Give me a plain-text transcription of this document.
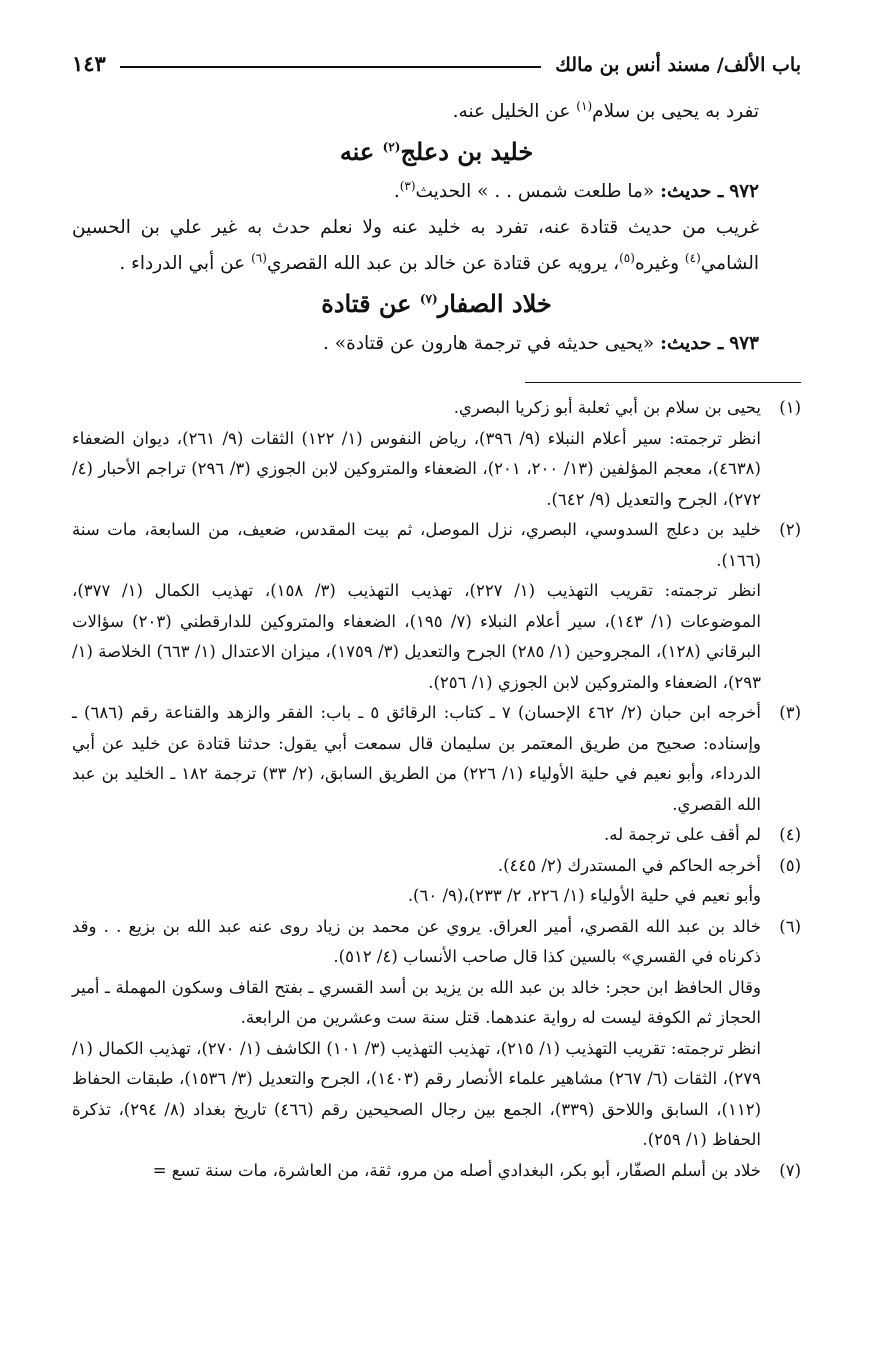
باب الألف/ مسند أنس بن مالك
١٤٣

تفرد به يحيى بن سلام$^{(١)}$ عن الخليل عنه.

خليد بن دعلج$^{(٢)}$ عنه

٩٧٢ ـ حديث: «ما طلعت شمس . . » الحديث$^{(٣)}$.

غريب من حديث قتادة عنه، تفرد به خليد عنه ولا نعلم حدث به غير علي بن الحسين الشامي$^{(٤)}$ وغيره$^{(٥)}$، يرويه عن قتادة عن خالد بن عبد الله القصري$^{(٦)}$ عن أبي الدرداء .

خلاد الصفار$^{(٧)}$ عن قتادة

٩٧٣ ـ حديث: «يحيى حديثه في ترجمة هارون عن قتادة» .

(١)
يحيى بن سلام بن أبي ثعلبة أبو زكريا البصري.
انظر ترجمته: سير أعلام النبلاء (٩/ ٣٩٦)، رياض النفوس (١/ ١٢٢) الثقات (٩/ ٢٦١)، ديوان الضعفاء (٤٦٣٨)، معجم المؤلفين (١٣/ ٢٠٠، ٢٠١)، الضعفاء والمتروكين لابن الجوزي (٣/ ٢٩٦) تراجم الأحبار (٤/ ٢٧٢)، الجرح والتعديل (٩/ ٦٤٢).
(٢)
خليد بن دعلج السدوسي، البصري، نزل الموصل، ثم بيت المقدس، ضعيف، من السابعة، مات سنة (١٦٦).
انظر ترجمته: تقريب التهذيب (١/ ٢٢٧)، تهذيب التهذيب (٣/ ١٥٨)، تهذيب الكمال (١/ ٣٧٧)، الموضوعات (١/ ١٤٣)، سير أعلام النبلاء (٧/ ١٩٥)، الضعفاء والمتروكين للدارقطني (٢٠٣) سؤالات البرقاني (١٢٨)، المجروحين (١/ ٢٨٥) الجرح والتعديل (٣/ ١٧٥٩)، ميزان الاعتدال (١/ ٦٦٣) الخلاصة (١/ ٢٩٣)، الضعفاء والمتروكين لابن الجوزي (١/ ٢٥٦).
(٣)
أخرجه ابن حبان (٢/ ٤٦٢ الإحسان) ٧ ـ كتاب: الرقائق ٥ ـ باب: الفقر والزهد والقناعة رقم (٦٨٦) ـ وإسناده: صحيح من طريق المعتمر بن سليمان قال سمعت أبي يقول: حدثنا قتادة عن خليد عن أبي الدرداء، وأبو نعيم في حلية الأولياء (١/ ٢٢٦) من الطريق السابق، (٢/ ٣٣) ترجمة ١٨٢ ـ الخليد بن عبد الله القصري.
(٤)
لم أقف على ترجمة له.
(٥)
أخرجه الحاكم في المستدرك (٢/ ٤٤٥).
وأبو نعيم في حلية الأولياء (١/ ٢٢٦، ٢/ ٢٣٣)،(٩/ ٦٠).
(٦)
خالد بن عبد الله القصري، أمير العراق. يروي عن محمد بن زياد روى عنه عبد الله بن بزيع . . وقد ذكرناه في القسري» بالسين كذا قال صاحب الأنساب (٤/ ٥١٢).
وقال الحافظ ابن حجر: خالد بن عبد الله بن يزيد بن أسد القسري ـ بفتح القاف وسكون المهملة ـ أمير الحجاز ثم الكوفة ليست له رواية عندهما. قتل سنة ست وعشرين من الرابعة.
انظر ترجمته: تقريب التهذيب (١/ ٢١٥)، تهذيب التهذيب (٣/ ١٠١) الكاشف (١/ ٢٧٠)، تهذيب الكمال (١/ ٢٧٩)، الثقات (٦/ ٢٦٧) مشاهير علماء الأنصار رقم (١٤٠٣)، الجرح والتعديل (٣/ ١٥٣٦)، طبقات الحفاظ (١١٢)، السابق واللاحق (٣٣٩)، الجمع بين رجال الصحيحين رقم (٤٦٦) تاريخ بغداد (٨/ ٢٩٤)، تذكرة الحفاظ (١/ ٢٥٩).
(٧)
خلاد بن أسلم الصفّار، أبو بكر، البغدادي أصله من مرو، ثقة، من العاشرة، مات سنة تسع =
